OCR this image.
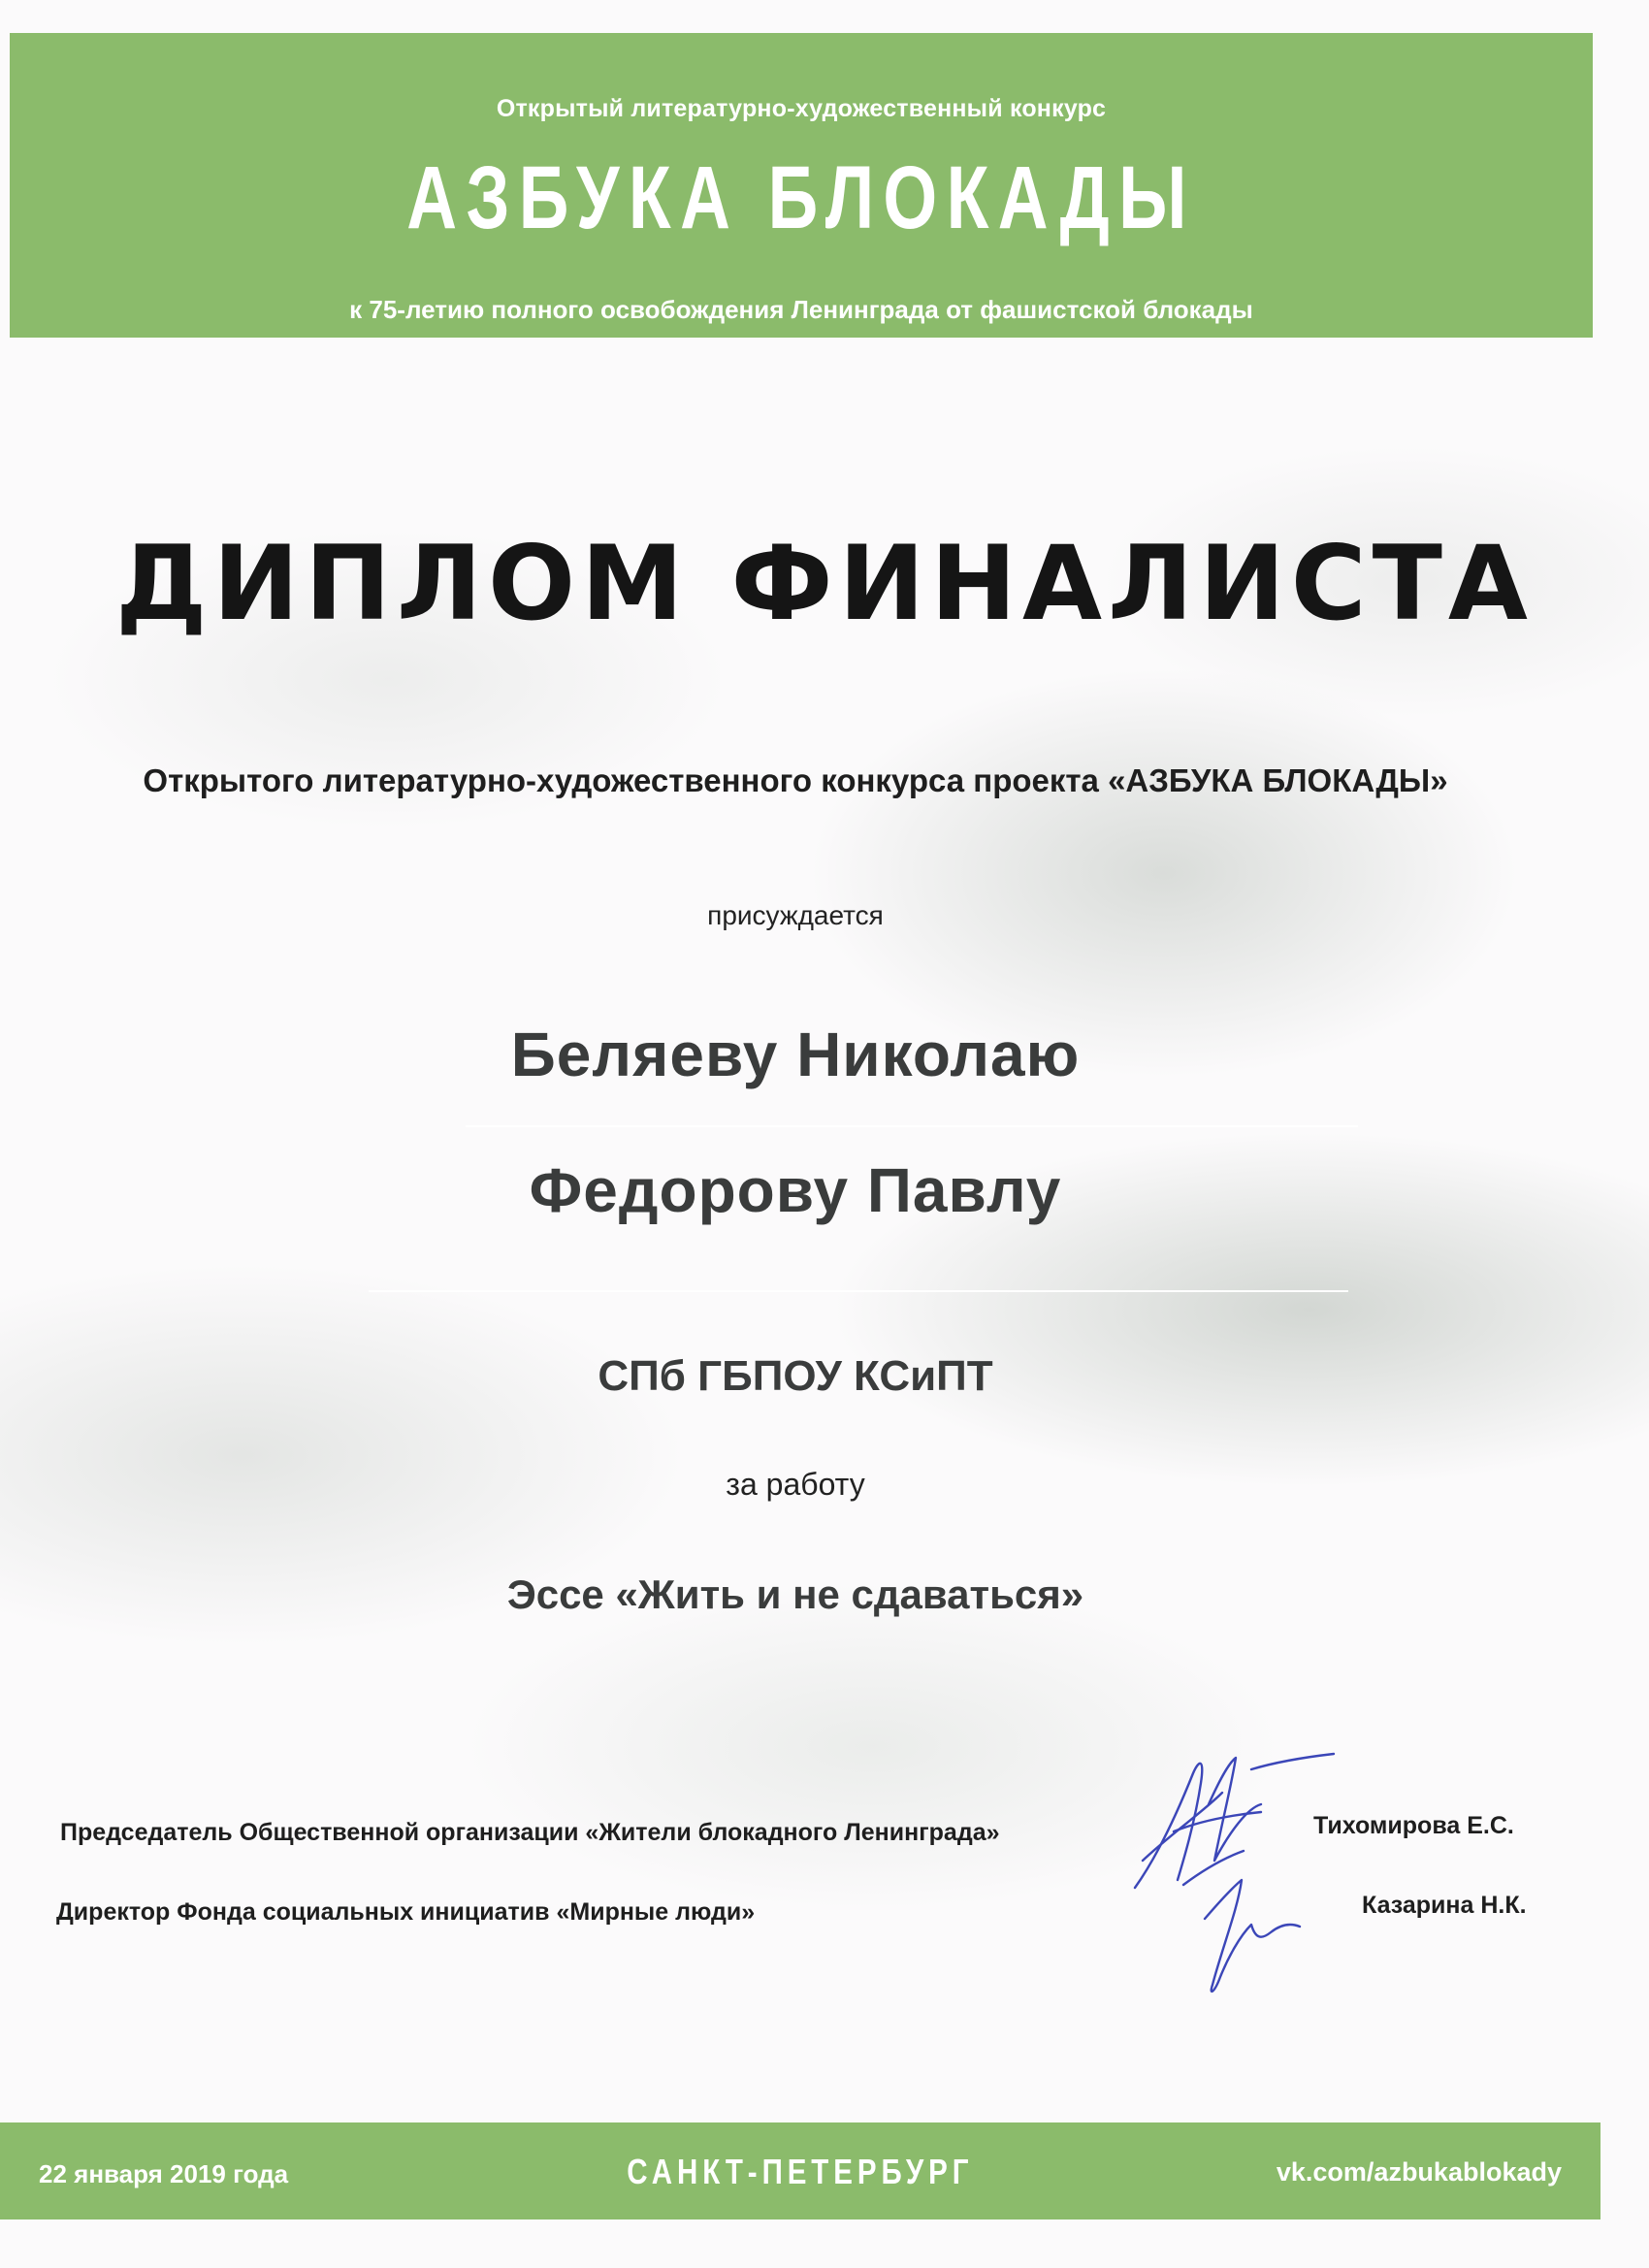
Открытый литературно-художественный конкурс
АЗБУКА БЛОКАДЫ
к 75-летию полного освобождения Ленинграда от фашистской блокады
ДИПЛОМ ФИНАЛИСТА
Открытого литературно-художественного конкурса проекта «АЗБУКА БЛОКАДЫ»
присуждается
Беляеву Николаю
Федорову Павлу
СПб ГБПОУ КСиПТ
за работу
Эссе «Жить и не сдаваться»
Председатель Общественной организации «Жители блокадного Ленинграда»	Тихомирова Е.С.
Директор Фонда социальных инициатив «Мирные люди»	Казарина Н.К.
22 января 2019 года	САНКТ-ПЕТЕРБУРГ	vk.com/azbukablokady
